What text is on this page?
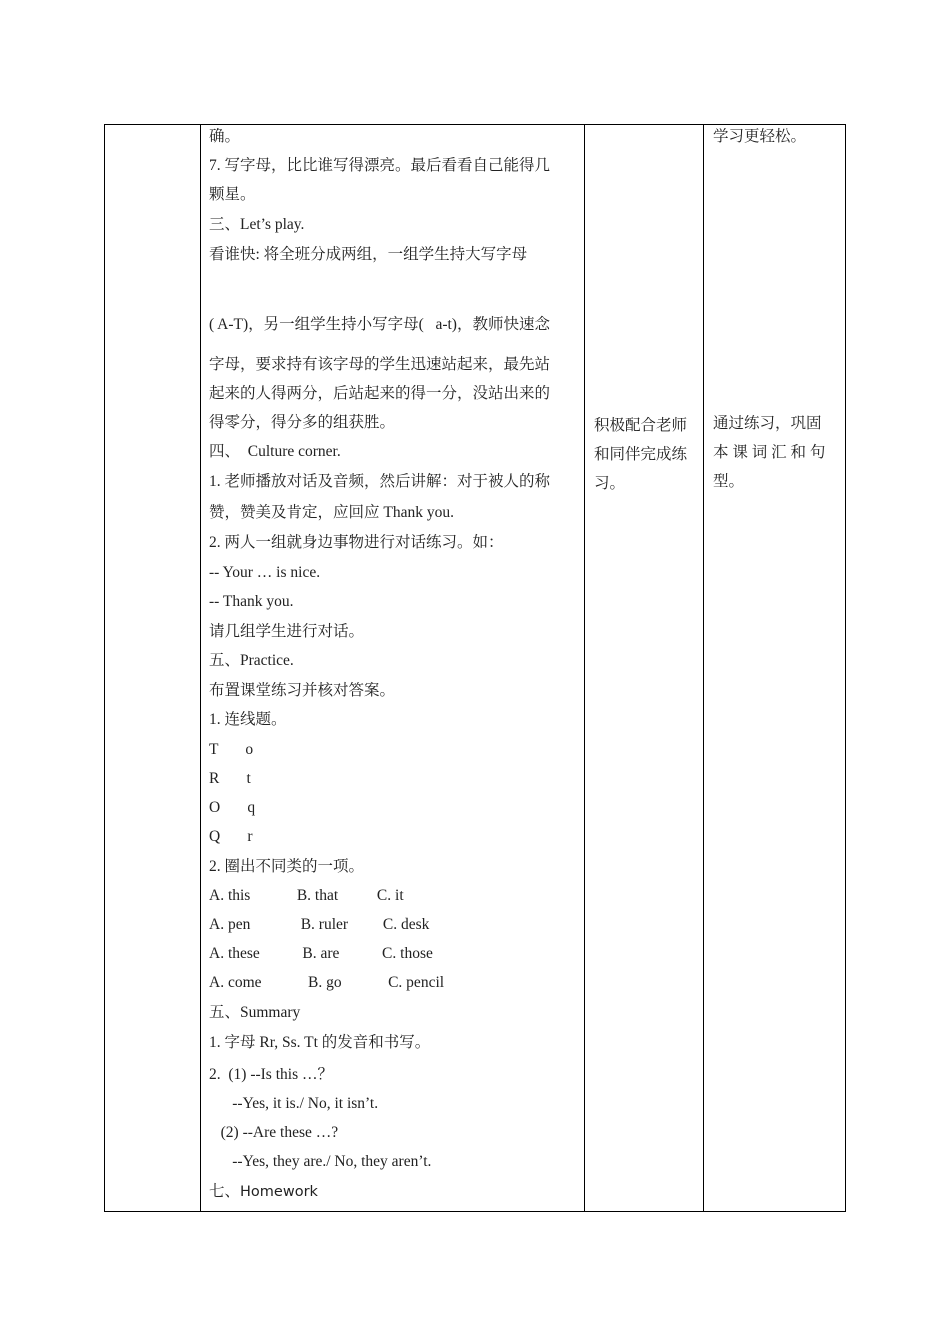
确。
7. 写字母，比比谁写得漂亮。最后看看自己能得几
颗星。
三、Let’s play.
看谁快: 将全班分成两组，一组学生持大写字母
( A-T)，另一组学生持小写字母(   a-t)，教师快速念
字母，要求持有该字母的学生迅速站起来，最先站
起来的人得两分，后站起来的得一分，没站出来的
得零分，得分多的组获胜。
四、  Culture corner.
1. 老师播放对话及音频，然后讲解：对于被人的称
赞，赞美及肯定，应回应 Thank you.
2. 两人一组就身边事物进行对话练习。如：
-- Your … is nice.
-- Thank you.
请几组学生进行对话。
五、Practice.
布置课堂练习并核对答案。
1. 连线题。
T       o
R       t
O       q
Q       r
2. 圈出不同类的一项。
A. this            B. that          C. it
A. pen             B. ruler         C. desk
A. these           B. are           C. those
A. come            B. go            C. pencil
五、Summary
1. 字母 Rr, Ss. Tt 的发音和书写。
2.  (1) --Is this …？
--Yes, it is./ No, it isn’t.
(2) --Are these …?
--Yes, they are./ No, they aren’t.
七、Homework
积极配合老师
和同伴完成练
习。
学习更轻松。
通过练习，巩固
本 课 词 汇 和 句
型。
